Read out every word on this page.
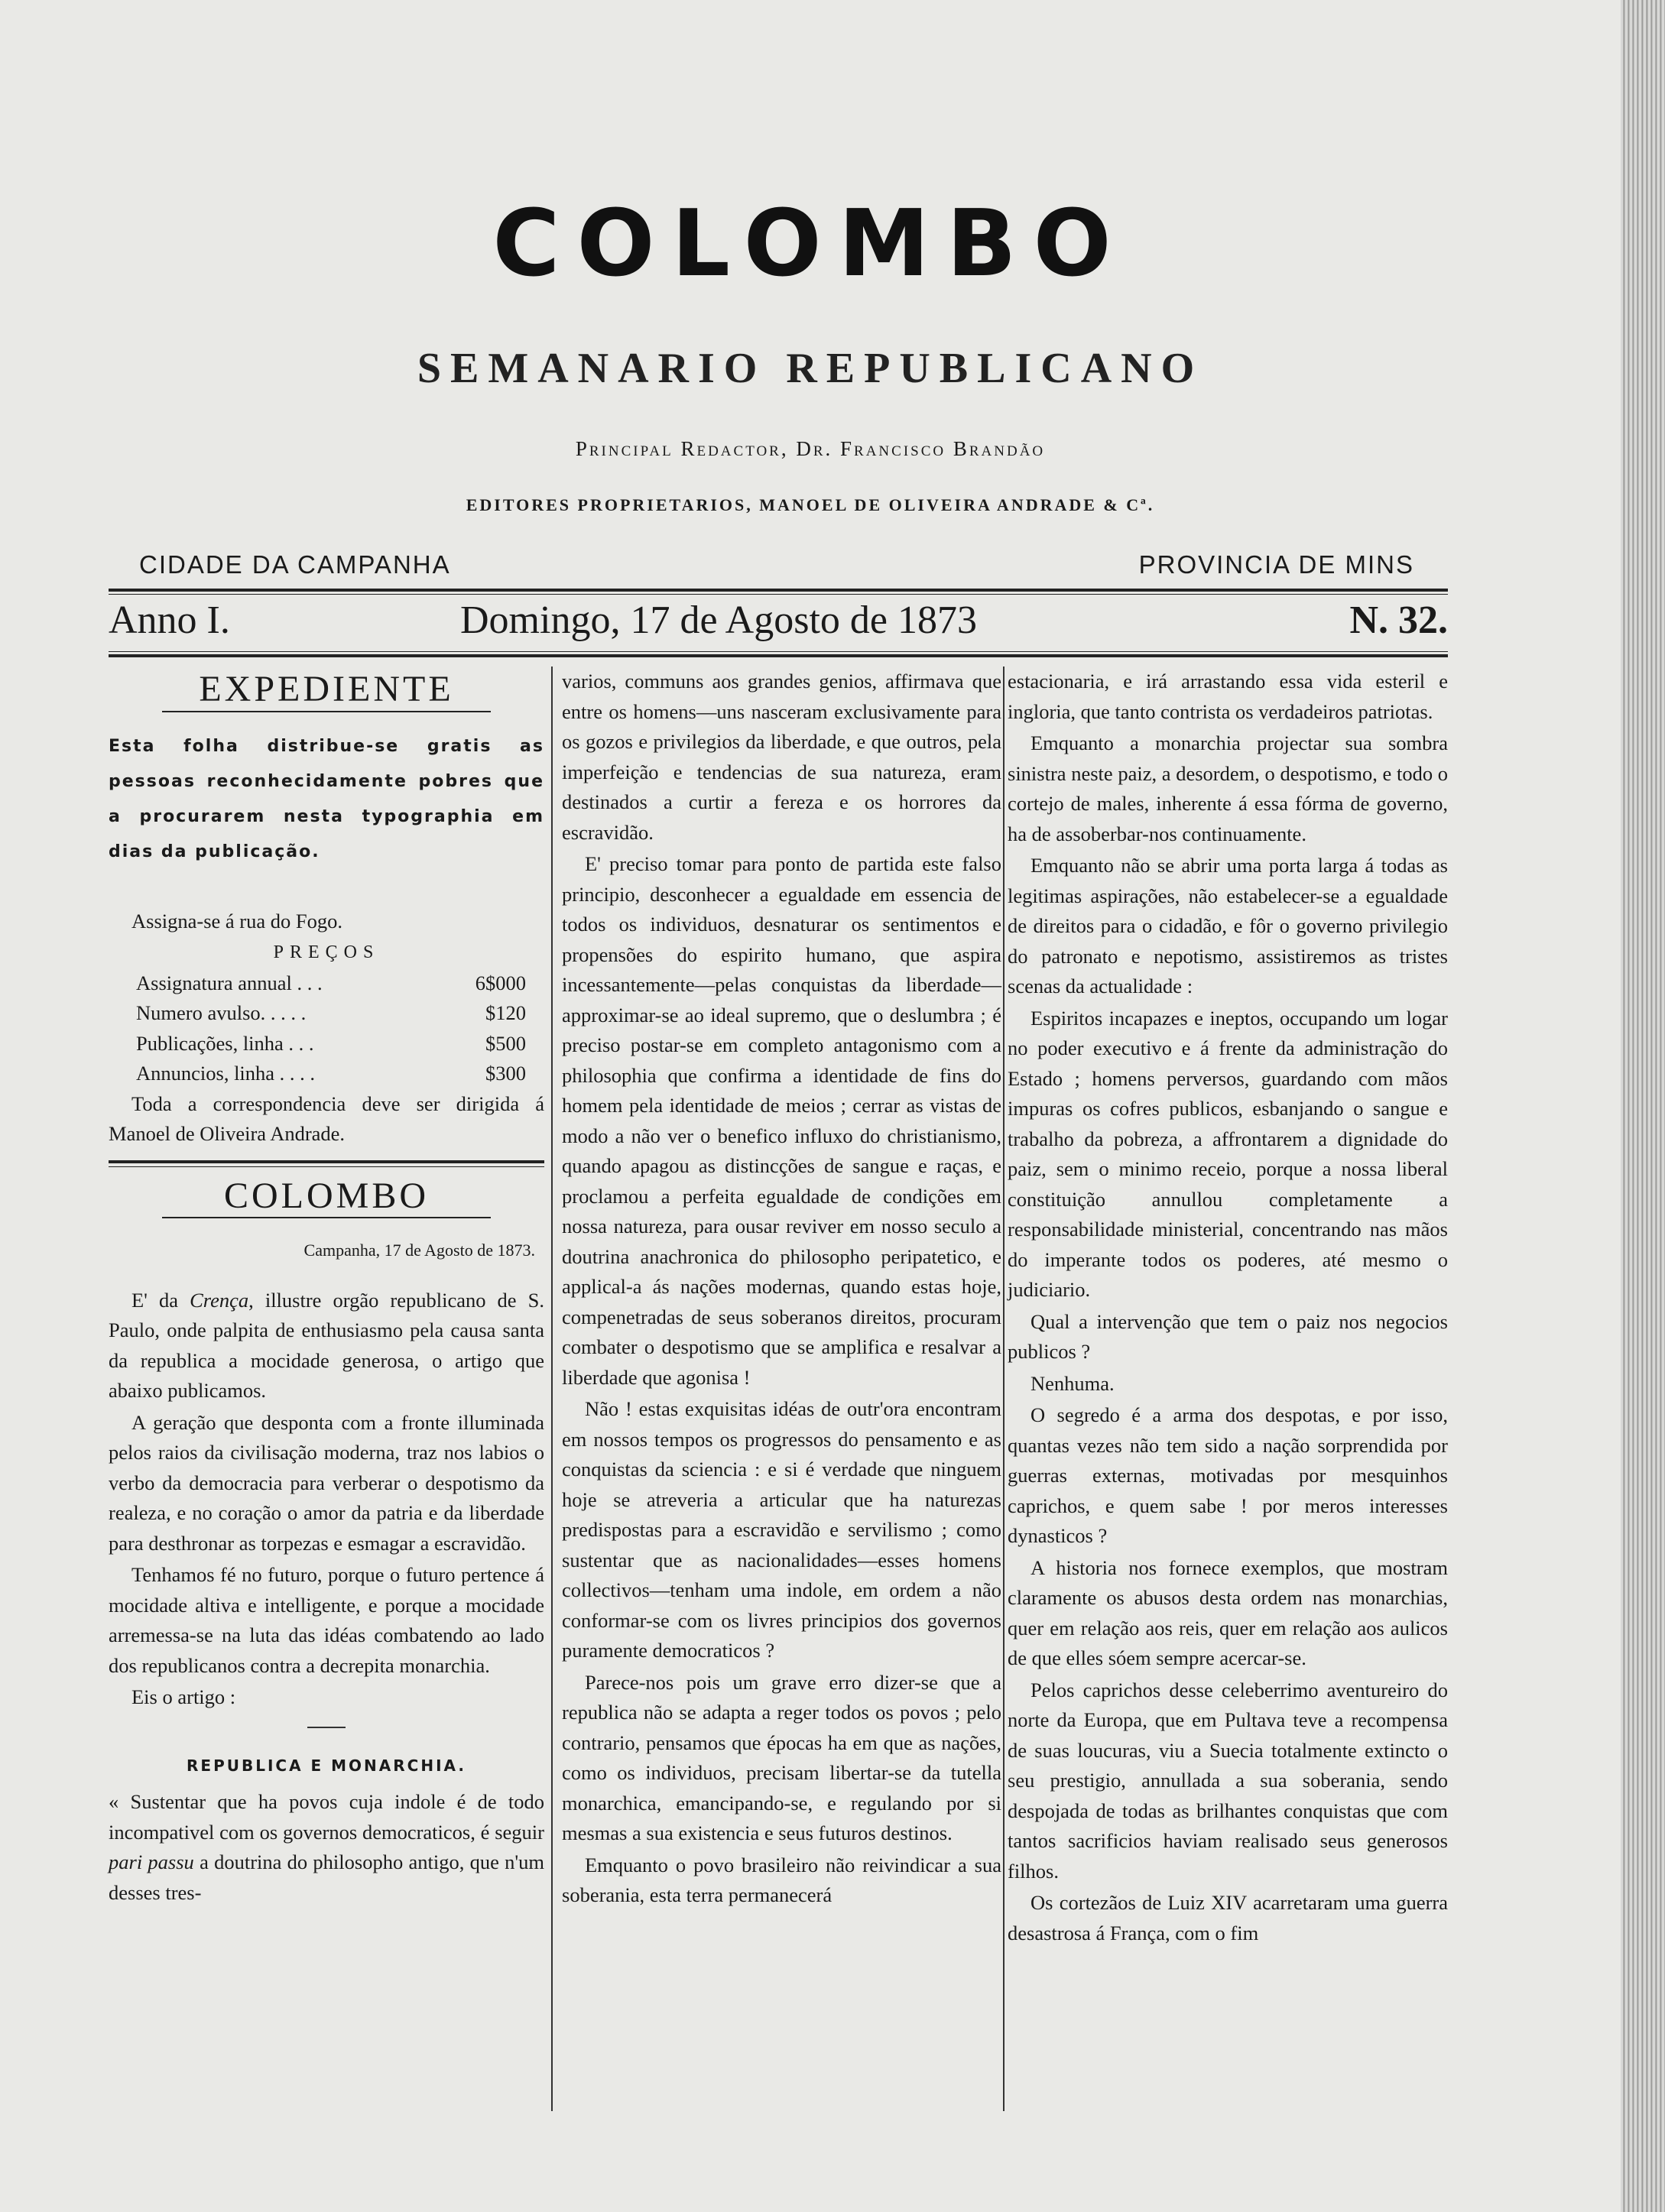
COLOMBO
SEMANARIO REPUBLICANO
Principal Redactor, Dr. Francisco Brandão
EDITORES PROPRIETARIOS, MANOEL DE OLIVEIRA ANDRADE & Cª.
CIDADE DA CAMPANHA	PROVINCIA DE MINS
Anno I.	Domingo, 17 de Agosto de 1873	N. 32.
EXPEDIENTE
Esta folha distribue-se gratis as pessoas reconhecidamente pobres que a procurarem nesta typographia em dias da publicação.

Assigna-se á rua do Fogo.

PREÇOS
Assignatura annual . . .	6$000
Numero avulso. . . . .	$120
Publicações, linha . . .	$500
Annuncios, linha . . . .	$300

Toda a correspondencia deve ser dirigida á Manoel de Oliveira Andrade.

COLOMBO
Campanha, 17 de Agosto de 1873.

E' da Crença, illustre orgão republicano de S. Paulo, onde palpita de enthusiasmo pela causa santa da republica a mocidade generosa, o artigo que abaixo publicamos.

A geração que desponta com a fronte illuminada pelos raios da civilisação moderna, traz nos labios o verbo da democracia para verberar o despotismo da realeza, e no coração o amor da patria e da liberdade para desthronar as torpezas e esmagar a escravidão.

Tenhamos fé no futuro, porque o futuro pertence á mocidade altiva e intelligente, e porque a mocidade arremessa-se na luta das idéas combatendo ao lado dos republicanos contra a decrepita monarchia.

Eis o artigo :

REPUBLICA E MONARCHIA.

« Sustentar que ha povos cuja indole é de todo incompativel com os governos democraticos, é seguir pari passu a doutrina do philosopho antigo, que n'um desses tres-

varios, communs aos grandes genios, affirmava que entre os homens—uns nasceram exclusivamente para os gozos e privilegios da liberdade, e que outros, pela imperfeição e tendencias de sua natureza, eram destinados a curtir a fereza e os horrores da escravidão.

E' preciso tomar para ponto de partida este falso principio, desconhecer a egualdade em essencia de todos os individuos, desnaturar os sentimentos e propensões do espirito humano, que aspira incessantemente—pelas conquistas da liberdade—approximar-se ao ideal supremo, que o deslumbra ; é preciso postar-se em completo antagonismo com a philosophia que confirma a identidade de fins do homem pela identidade de meios ; cerrar as vistas de modo a não ver o benefico influxo do christianismo, quando apagou as distincções de sangue e raças, e proclamou a perfeita egualdade de condições em nossa natureza, para ousar reviver em nosso seculo a doutrina anachronica do philosopho peripatetico, e applical-a ás nações modernas, quando estas hoje, compenetradas de seus soberanos direitos, procuram combater o despotismo que se amplifica e resalvar a liberdade que agonisa !

Não ! estas exquisitas idéas de outr'ora encontram em nossos tempos os progressos do pensamento e as conquistas da sciencia : e si é verdade que ninguem hoje se atreveria a articular que ha naturezas predispostas para a escravidão e servilismo ; como sustentar que as nacionalidades—esses homens collectivos—tenham uma indole, em ordem a não conformar-se com os livres principios dos governos puramente democraticos ?

Parece-nos pois um grave erro dizer-se que a republica não se adapta a reger todos os povos ; pelo contrario, pensamos que épocas ha em que as nações, como os individuos, precisam libertar-se da tutella monarchica, emancipando-se, e regulando por si mesmas a sua existencia e seus futuros destinos.

Emquanto o povo brasileiro não reivindicar a sua soberania, esta terra permanecerá

estacionaria, e irá arrastando essa vida esteril e ingloria, que tanto contrista os verdadeiros patriotas.

Emquanto a monarchia projectar sua sombra sinistra neste paiz, a desordem, o despotismo, e todo o cortejo de males, inherente á essa fórma de governo, ha de assoberbar-nos continuamente.

Emquanto não se abrir uma porta larga á todas as legitimas aspirações, não estabelecer-se a egualdade de direitos para o cidadão, e fôr o governo privilegio do patronato e nepotismo, assistiremos as tristes scenas da actualidade :

Espiritos incapazes e ineptos, occupando um logar no poder executivo e á frente da administração do Estado ; homens perversos, guardando com mãos impuras os cofres publicos, esbanjando o sangue e trabalho da pobreza, a affrontarem a dignidade do paiz, sem o minimo receio, porque a nossa liberal constituição annullou completamente a responsabilidade ministerial, concentrando nas mãos do imperante todos os poderes, até mesmo o judiciario.

Qual a intervenção que tem o paiz nos negocios publicos ?

Nenhuma.

O segredo é a arma dos despotas, e por isso, quantas vezes não tem sido a nação sorprendida por guerras externas, motivadas por mesquinhos caprichos, e quem sabe ! por meros interesses dynasticos ?

A historia nos fornece exemplos, que mostram claramente os abusos desta ordem nas monarchias, quer em relação aos reis, quer em relação aos aulicos de que elles sóem sempre acercar-se.

Pelos caprichos desse celeberrimo aventureiro do norte da Europa, que em Pultava teve a recompensa de suas loucuras, viu a Suecia totalmente extincto o seu prestigio, annullada a sua soberania, sendo despojada de todas as brilhantes conquistas que com tantos sacrificios haviam realisado seus generosos filhos.

Os cortezãos de Luiz XIV acarretaram uma guerra desastrosa á França, com o fim
